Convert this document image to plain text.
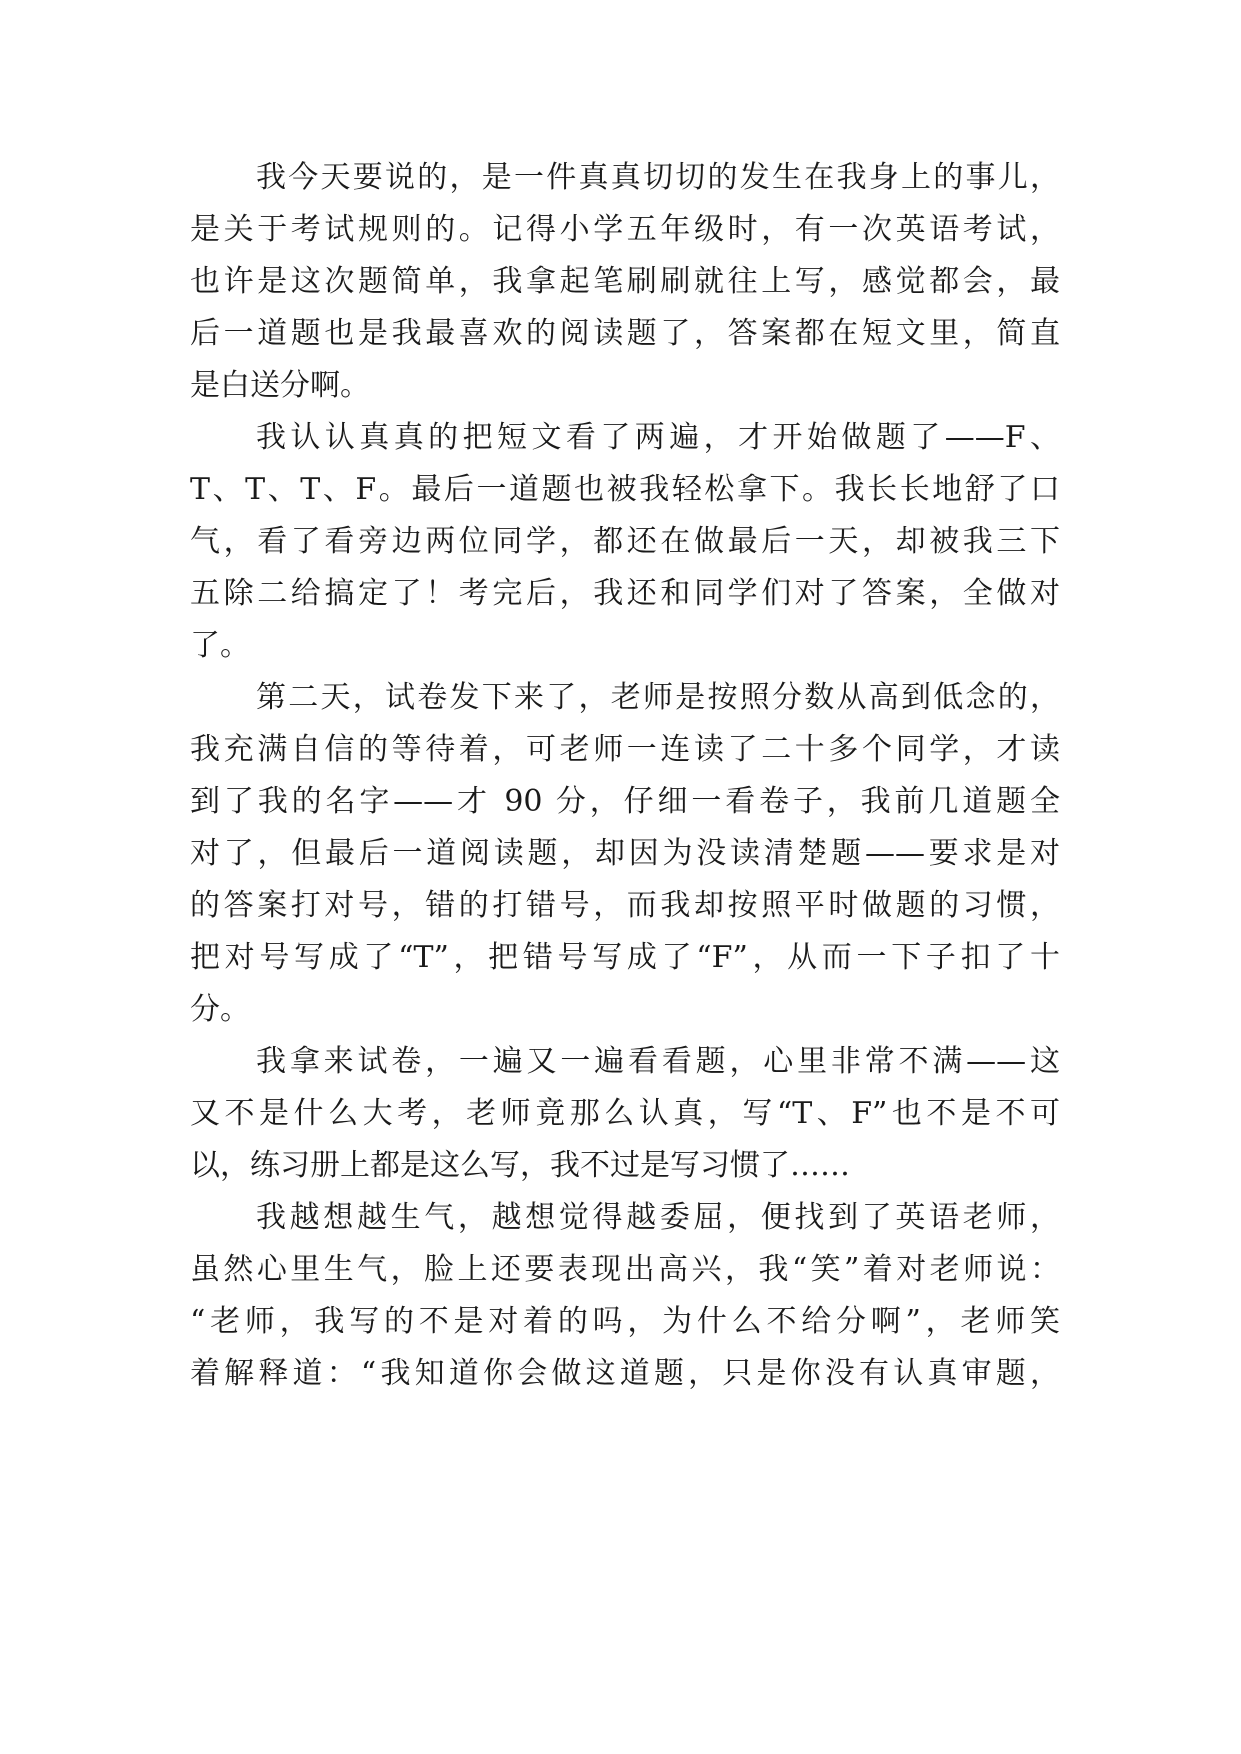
我今天要说的，是一件真真切切的发生在我身上的事儿，
是关于考试规则的。记得小学五年级时，有一次英语考试，
也许是这次题简单，我拿起笔刷刷就往上写，感觉都会，最
后一道题也是我最喜欢的阅读题了，答案都在短文里，简直
是白送分啊。
我认认真真的把短文看了两遍，才开始做题了——F、
T、T、T、F。最后一道题也被我轻松拿下。我长长地舒了口
气，看了看旁边两位同学，都还在做最后一天，却被我三下
五除二给搞定了！考完后，我还和同学们对了答案，全做对
了。
第二天，试卷发下来了，老师是按照分数从高到低念的，
我充满自信的等待着，可老师一连读了二十多个同学，才读
到了我的名字——才 90 分，仔细一看卷子，我前几道题全
对了，但最后一道阅读题，却因为没读清楚题——要求是对
的答案打对号，错的打错号，而我却按照平时做题的习惯，
把对号写成了“T”，把错号写成了“F”，从而一下子扣了十
分。
我拿来试卷，一遍又一遍看看题，心里非常不满——这
又不是什么大考，老师竟那么认真，写“T、F”也不是不可
以，练习册上都是这么写，我不过是写习惯了……
我越想越生气，越想觉得越委屈，便找到了英语老师，
虽然心里生气，脸上还要表现出高兴，我“笑”着对老师说：
“老师，我写的不是对着的吗，为什么不给分啊”，老师笑
着解释道：“我知道你会做这道题，只是你没有认真审题，
